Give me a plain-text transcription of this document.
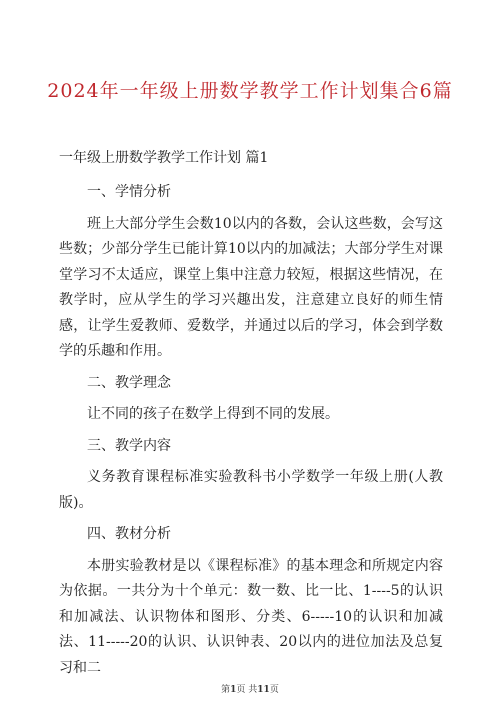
2024年一年级上册数学教学工作计划集合6篇
一年级上册数学教学工作计划 篇1
一、学情分析

班上大部分学生会数10以内的各数，会认这些数，会写这些数；少部分学生已能计算10以内的加减法；大部分学生对课堂学习不太适应，课堂上集中注意力较短，根据这些情况，在教学时，应从学生的学习兴趣出发，注意建立良好的师生情感，让学生爱教师、爱数学，并通过以后的学习，体会到学数学的乐趣和作用。

二、教学理念

让不同的孩子在数学上得到不同的发展。

三、教学内容

义务教育课程标准实验教科书小学数学一年级上册(人教版)。

四、教材分析

本册实验教材是以《课程标准》的基本理念和所规定内容为依据。一共分为十个单元：数一数、比一比、1----5的认识和加减法、认识物体和图形、分类、6-----10的认识和加减法、11-----20的认识、认识钟表、20以内的进位加法及总复习和二

第1页 共11页
